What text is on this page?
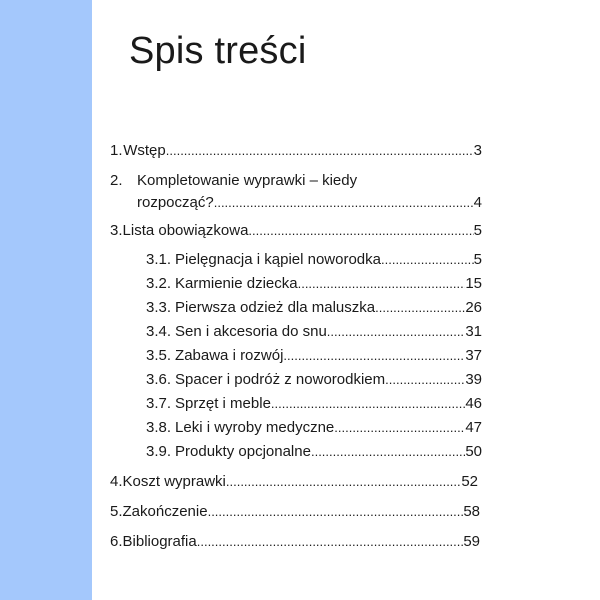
Spis treści
1. Wstęp .....	3
2. Kompletowanie wyprawki – kiedy
rozpocząć? .....	4
3. Lista obowiązkowa .....	5
3.1. Pielęgnacja i kąpiel noworodka .....	5
3.2. Karmienie dziecka .....	15
3.3. Pierwsza odzież dla maluszka .....	26
3.4. Sen i akcesoria do snu .....	31
3.5. Zabawa i rozwój .....	37
3.6. Spacer i podróż z noworodkiem .....	39
3.7. Sprzęt i meble .....	46
3.8. Leki i wyroby medyczne .....	47
3.9. Produkty opcjonalne .....	50
4. Koszt wyprawki .....	52
5. Zakończenie .....	58
6. Bibliografia .....	59
